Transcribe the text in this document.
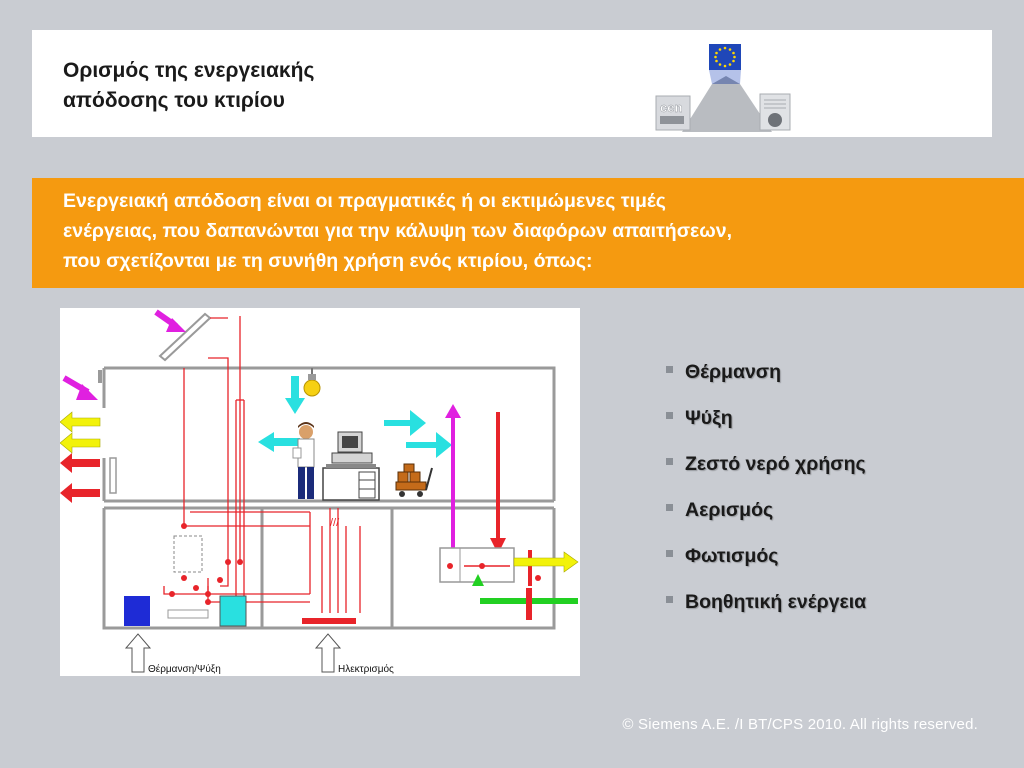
Ορισμός της ενεργειακής
απόδοσης του κτιρίου	cen

Ενεργειακή απόδοση είναι οι πραγματικές ή οι εκτιμώμενες τιμές
ενέργειας, που δαπανώνται για την κάλυψη των διαφόρων απαιτήσεων,
που σχετίζονται με τη συνήθη χρήση ενός κτιρίου, όπως:

///
Θέρμανση/Ψύξη	Ηλεκτρισμός
Θέρμανση
Ψύξη
Ζεστό νερό χρήσης
Αερισμός
Φωτισμός
Βοηθητική ενέργεια
© Siemens A.E. /I BT/CPS 2010. All rights reserved.
